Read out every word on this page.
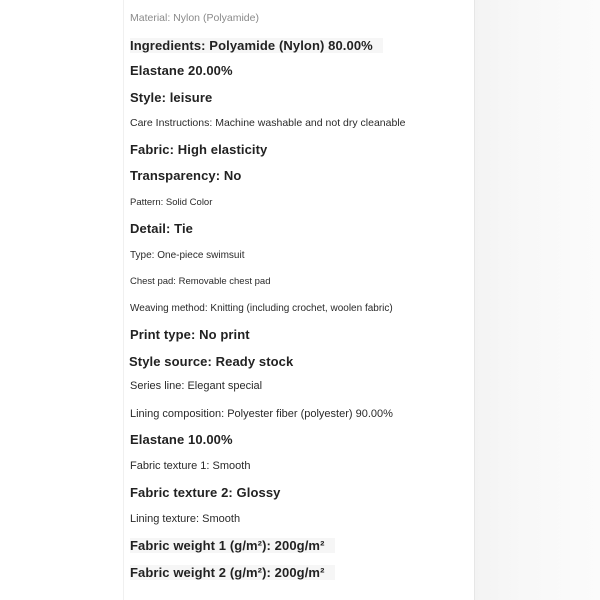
Material: Nylon (Polyamide)

Ingredients: Polyamide (Nylon) 80.00%

Elastane 20.00%

Style: leisure

Care Instructions: Machine washable and not dry cleanable

Fabric: High elasticity

Transparency: No

Pattern: Solid Color

Detail: Tie

Type: One-piece swimsuit

Chest pad: Removable chest pad

Weaving method: Knitting (including crochet, woolen fabric)

Print type: No print

Style source: Ready stock

Series line: Elegant special

Lining composition: Polyester fiber (polyester) 90.00%

Elastane 10.00%

Fabric texture 1: Smooth

Fabric texture 2: Glossy

Lining texture: Smooth

Fabric weight 1 (g/m²): 200g/m²

Fabric weight 2 (g/m²): 200g/m²
